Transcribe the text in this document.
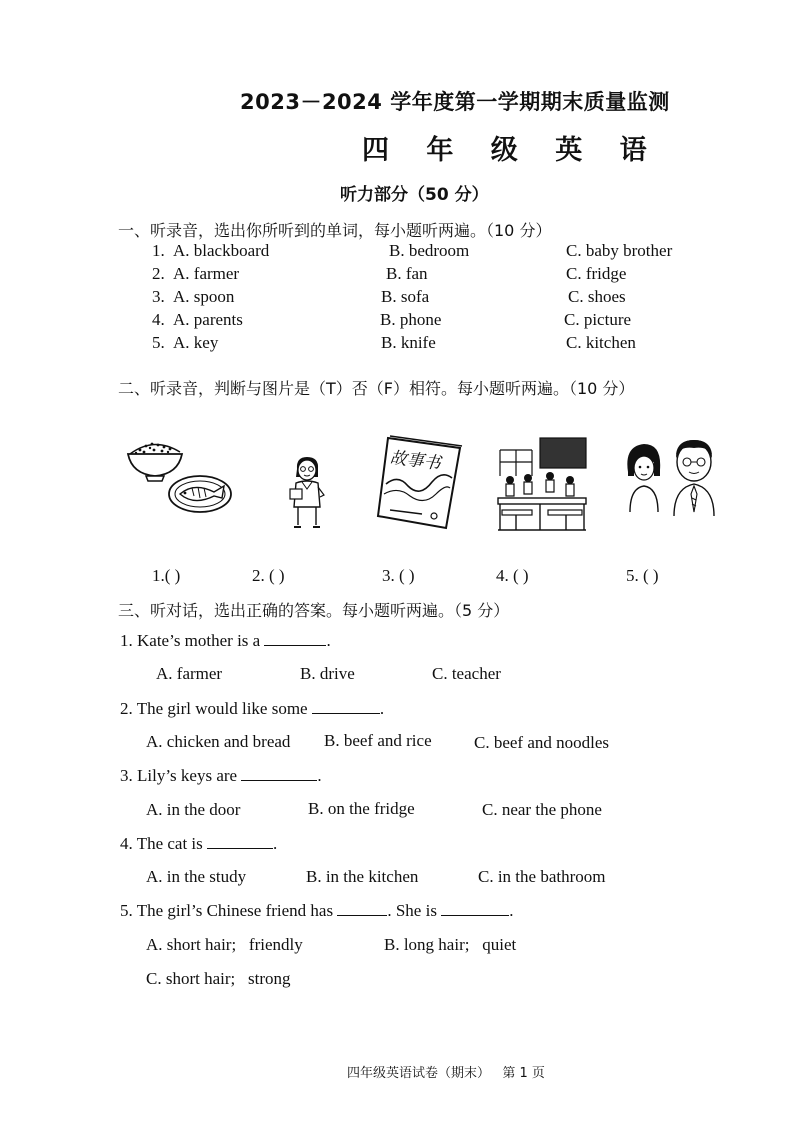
2023－2024 学年度第一学期期末质量监测
四 年 级 英 语
听力部分（50 分）
一、听录音，选出你所听到的单词，每小题听两遍。（10 分）
1. A. blackboard	B. bedroom	C. baby brother
2. A. farmer	B. fan	C. fridge
3. A. spoon	B. sofa	C. shoes
4. A. parents	B. phone	C. picture
5. A. key	B. knife	C. kitchen
二、听录音，判断与图片是（T）否（F）相符。每小题听两遍。（10 分）
故事书
1.( )	2. ( )	3. ( )	4. ( )	5. ( )
三、听对话，选出正确的答案。每小题听两遍。（5 分）
1. Kate’s mother is a	.
A. farmer	B. drive	C. teacher
2. The girl would like some	.
A. chicken and bread B. beef and rice C. beef and noodles
3. Lily’s keys are	.
A. in the door	B. on the fridge	C. near the phone
4. The cat is	.
A. in the study	B. in the kitchen	C. in the bathroom
5. The girl’s Chinese friend has	. She is	.
A. short hair;   friendly	B. long hair;   quiet
C. short hair;   strong
四年级英语试卷（期末）   第 1 页
